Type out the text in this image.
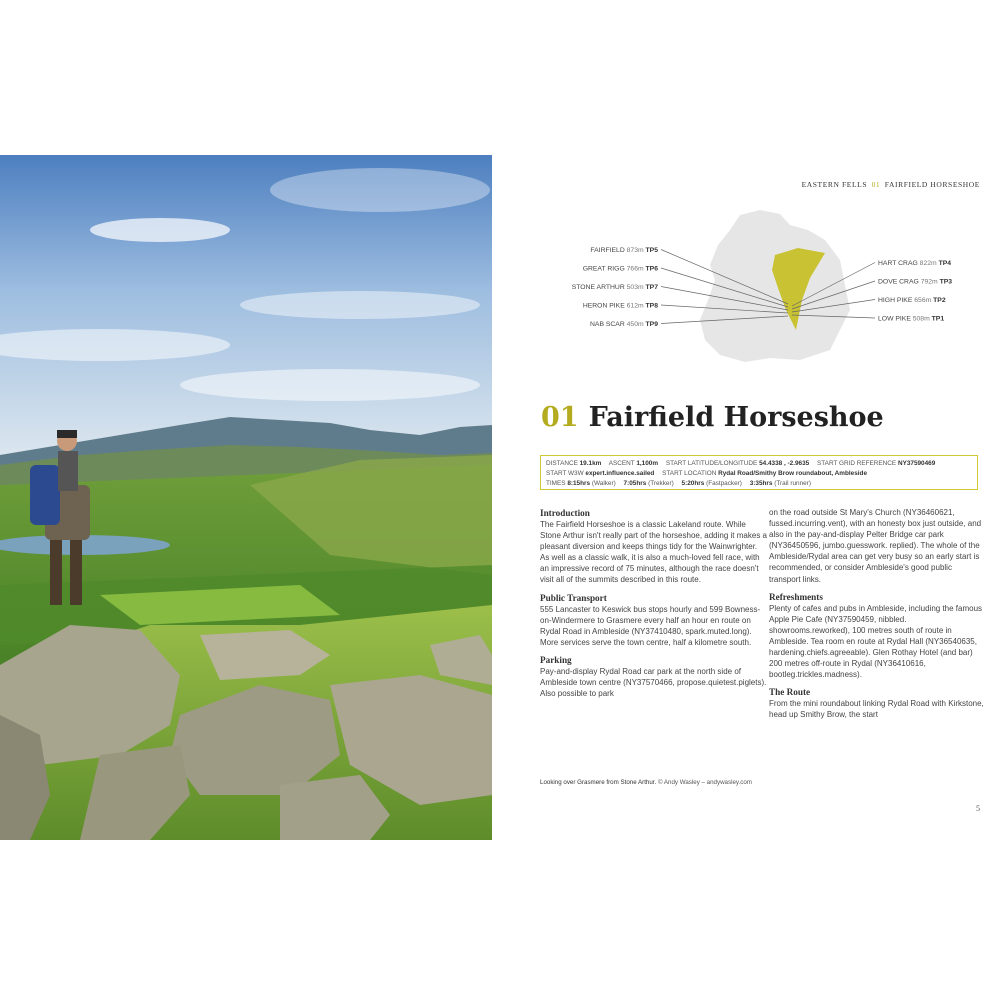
EASTERN FELLS 01 FAIRFIELD HORSESHOE
FAIRFIELD 873m TP5
GREAT RIGG 766m TP6
STONE ARTHUR 503m TP7
HERON PIKE 612m TP8
NAB SCAR 450m TP9
HART CRAG 822m TP4
DOVE CRAG 792m TP3
HIGH PIKE 656m TP2
LOW PIKE 508m TP1
01 Fairfield Horseshoe
DISTANCE 19.1km ASCENT 1,100m START LATITUDE/LONGITUDE 54.4338 , -2.9635 START GRID REFERENCE NY37590469
START W3W expert.influence.sailed START LOCATION Rydal Road/Smithy Brow roundabout, Ambleside
TIMES 8:15hrs (Walker) 7:05hrs (Trekker) 5:20hrs (Fastpacker) 3:35hrs (Trail runner)
Introduction

The Fairfield Horseshoe is a classic Lakeland route. While Stone Arthur isn't really part of the horseshoe, adding it makes a pleasant diversion and keeps things tidy for the Wainwrighter. As well as a classic walk, it is also a much-loved fell race, with an impressive record of 75 minutes, although the race doesn't visit all of the summits described in this route.

Public Transport

555 Lancaster to Keswick bus stops hourly and 599 Bowness-on-Windermere to Grasmere every half an hour en route on Rydal Road in Ambleside (NY37410480, spark.muted.long). More services serve the town centre, half a kilometre south.

Parking

Pay-and-display Rydal Road car park at the north side of Ambleside town centre (NY37570466, propose.quietest.piglets). Also possible to park

on the road outside St Mary's Church (NY36460621, fussed.incurring.vent), with an honesty box just outside, and also in the pay-and-display Pelter Bridge car park (NY36450596, jumbo.guesswork. replied). The whole of the Ambleside/Rydal area can get very busy so an early start is recommended, or consider Ambleside's good public transport links.

Refreshments

Plenty of cafes and pubs in Ambleside, including the famous Apple Pie Cafe (NY37590459, nibbled. showrooms.reworked), 100 metres south of route in Ambleside. Tea room en route at Rydal Hall (NY36540635, hardening.chiefs.agreeable). Glen Rothay Hotel (and bar) 200 metres off-route in Rydal (NY36410616, bootleg.trickles.madness).

The Route

From the mini roundabout linking Rydal Road with Kirkstone, head up Smithy Brow, the start

Looking over Grasmere from Stone Arthur. © Andy Wasley – andywasley.com
5
